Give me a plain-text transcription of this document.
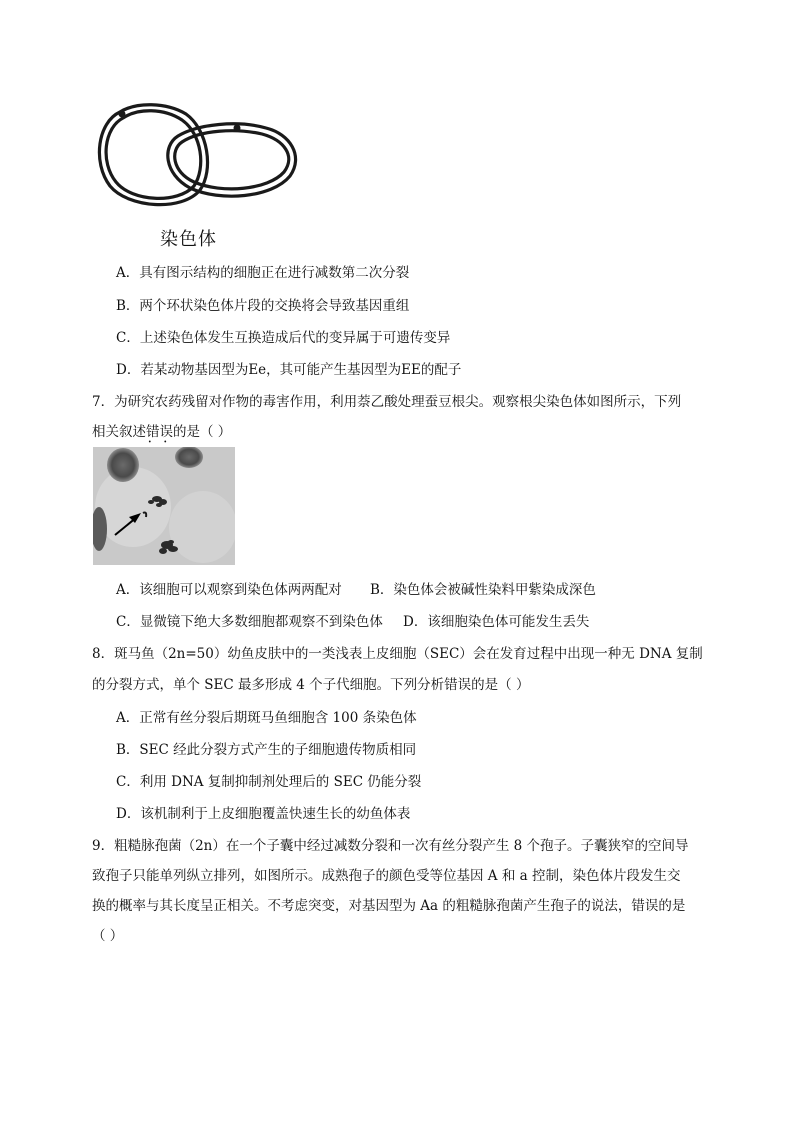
染色体
A．具有图示结构的细胞正在进行减数第二次分裂
B．两个环状染色体片段的交换将会导致基因重组
C．上述染色体发生互换造成后代的变异属于可遗传变异
D．若某动物基因型为Ee，其可能产生基因型为EE的配子
7．为研究农药残留对作物的毒害作用，利用萘乙酸处理蚕豆根尖。观察根尖染色体如图所示，下列
相关叙述错误 • •的是（ ）
A．该细胞可以观察到染色体两两配对 B．染色体会被碱性染料甲紫染成深色
C．显微镜下绝大多数细胞都观察不到染色体 D．该细胞染色体可能发生丢失
8．斑马鱼（2n=50）幼鱼皮肤中的一类浅表上皮细胞（SEC）会在发育过程中出现一种无 DNA 复制
的分裂方式，单个 SEC 最多形成 4 个子代细胞。下列分析错误的是（ ）
A．正常有丝分裂后期斑马鱼细胞含 100 条染色体
B．SEC 经此分裂方式产生的子细胞遗传物质相同
C．利用 DNA 复制抑制剂处理后的 SEC 仍能分裂
D．该机制利于上皮细胞覆盖快速生长的幼鱼体表
9．粗糙脉孢菌（2n）在一个子囊中经过减数分裂和一次有丝分裂产生 8 个孢子。子囊狭窄的空间导
致孢子只能单列纵立排列，如图所示。成熟孢子的颜色受等位基因 A 和 a 控制，染色体片段发生交
换的概率与其长度呈正相关。不考虑突变，对基因型为 Aa 的粗糙脉孢菌产生孢子的说法，错误的是
（ ）
